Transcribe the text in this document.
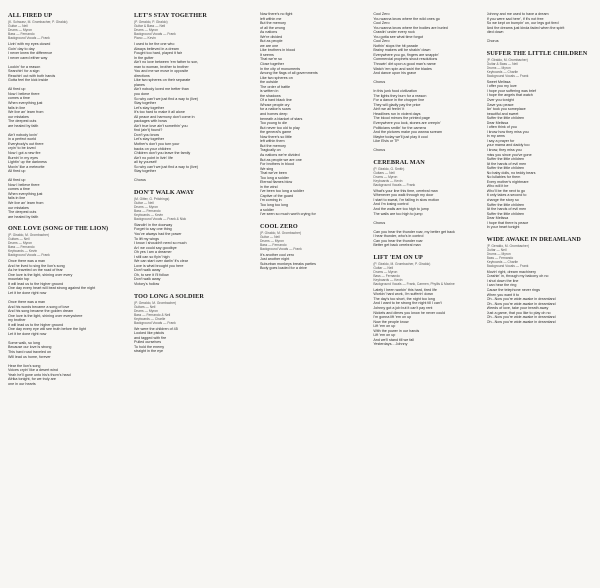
ALL FIRED UP
(K. Schwarz, M. Grombacher, P. Giraldo)
Guitar — Neil
Drums — Myron
Bass — Fernando
Background Vocals — Frank
Livin' with my eyes closed
Goin' day to day
I never knew the difference
I never cared either way
Lookin' for a reason
Searchin' for a sign
Reachin' out with both hands
Gotta feel the kick inside
All fired up
Now I believe there
comes a time
When everything just
falls in line
We live an' learn from
our mistakes
The deepest cuts
are healed by faith
Ain't nobody lovin'
in a perfect world
Everybody's out there
cryin' to be loved
Now I got a new fire
Burnin' in my eyes
Lightin' up the darkness
Movin' like a meteorite
All fired up
All fired up
Now I believe there
comes a time
When everything just
falls in line
We live an' learn from
our mistakes
The deepest cuts
are healed by faith
ONE LOVE (SONG OF THE LION)
(P. Giraldo, M. Grombacher)
Guitars — Neil
Drums — Myron
Bass — Fernando
Keyboards — Kevin
Background Vocals — Frank
Once there was a man
And he lived to sing the lion's song
As he traveled on the road of fear
One love is the light, shining over every
mountain top
It will lead us to the higher ground
One day every heart will beat strong against the night
Let it be done right now
Once there was a man
And his words became a song of love
And his song became the golden dream
One love is the light, shining over everywhere
my brother
It will lead us to the higher ground
One day every eye will see truth before the light
Let it be done right now
Some walk, so long
Because our love is strong
This hard road traveled on
Will lead us home, forever
Hear the lion's song
Voices cryin' like a desert wind
Yeah he'll gone unto his's thorn's head
Afrika tonight, for we truly are
one in our hearts
LET'S STAY TOGETHER
(P. Geraldo, P. Giraldo)
Guitar & Bass — Neil
Drums — Myron
Background Vocals — Frank
Piano — Kevin
I used to be the one who
Always believed in a dream
Fought too hard, played it fair
In the gutter
Ain't no love between 'em father to son,
man to woman, brother to brother
You and me we move in opposite
directions
Like two spheres on their separate
planes
Ain't nobody loved me better than
you done
So why can't we just find a way to (live)
Stay together
Let's stay together
It's too hard to make it all alone
All peace and harmony don't come in
packages with bows
Ain't true love ain't somethin' you
find (ain't) found?
Don't you know
Let's stay together
Mother's don't you turn your
backs on your children
Children don't you leave the family
Ain't no point in livin' life
all by yourself
So why can't we just find a way to (live)
Stay together
Chorus
DON'T WALK AWAY
(M. Gitter, G. Pritchings)
Guitar — Neil
Drums — Myron
Bass — Fernando
Keyboards — Kevin
Background Vocals — Frank & Nick
Standin' in the doorway
Forget to say one thing
You've always had the power
To lift my wings
I know I shouldn't need so much
An' we could say goodbye
Oh yes I am a dreamer
I still can so flyin' high
We can start over darlin' it's clear
Love is what brought you here
Don't walk away
Oh, to see it I'll follow
Don't walk away
Victory's hollow
TOO LONG A SOLDIER
(P. Geraldo, M. Grombacher)
Guitars — Neil
Drums — Myron
Bass — Fernando & Neil
Keyboards — Charlie
Background Vocals — Frank
We were the children of 45
Looked like pistols
and tagged with fire
Pulled ourselves
To hold the enemy
straight in the eye
Now there's no fight
left within me
But the memory
of all the wrong
As nations
We're divided
But as people
we are one
Like brothers in blood
It seems
That we're so
Close together
In the city of monuments
Among the flags of all governments
Like two spheres on
the outside
The order of battle
is written in
the shadows
Of a hard black line
Whose people cry
for a nation's scars
and homes deep
beneath a blanket of stars
Too young to die
But never too old to play
the general's game
Now there's so little
left within them
But the memory
Tragically on
As nations we're divided
But as people we are one
For brothers in blood
We sing
That we've been
Too long a soldier
Eternal flames blow
in the wind
I've been too long a soldier
Captive of the guard
I'm coming in
Too long too long
a soldier
I've seen so much worth crying for
COOL ZERO
(P. Giraldo, M. Grombacher)
Guitar — Neil
Drums — Myron
Bass — Fernando
Background Vocals — Frank
It's another cool zero
Just another night
Suburban monkeys breaks parties
Body goes loaded for a drive
Cool Zero
You wanna know where the wild ones go
Cool Zero
You wanna know where the bodies are buried
Crawlin' under every rock
You gotta see what time forgot
Cool Zero
Nothin' stops the hit parade
Brainy makers will be shakin' down
Everywhere you go, fingers are snappin'
Commercial prophets shout resolutions
Throwin' dirt upon a good man's name
Watch 'em spin and swirl the blades
And dance upon his grave
Chorus
In this junk food civilization
The lights they burn for a reason
For a dance in the chopper line
They will gladly pay the price
Ain't we all feelin' it
Headlines run in violent days
The blood mirrors the printed page
Everywhere you look, stones are creepin'
Politicians smilin' for the camera
And the pictures make you wanna scream
Maybe today we'll just play it cool
Like Elvis or TP
Chorus
CEREBRAL MAN
(P. Giraldo, G. Smith)
Guitars — Neil
Drums — Myron
Keyboards — Kevin
Background Vocals — Frank
What's your line this time, cerebral man
Whenever you walk through my door
I start to sweat, I'm falling in slow motion
And I'm losing control
And the walls are too high to jump
The walls are too high to jump
Chorus
Can you hear the thunder roar, my better get back
I hear thunder, who's in control
Can you hear the thunder roar
Better get back cerebral man
LIFT 'EM ON UP
(P. Giraldo, M. Grombacher, P. Giraldo)
Guitar — Neil
Drums — Myron
Bass — Fernando
Keyboards — Kevin
Background Vocals — Frank, Carmen, Phyllis & Maxine
Lately I been workin' this hard, tired life
Workin' hard work, I'm sufferin' down
The day's too short, the night too long
And I want to be strong the night till I can't
Johnny got a job but it can't pay rent
Nickels and dimes you know he never could
I'm gonna lift 'em on up
Now the people know
Lift 'em on up
With the power in our hands
Lift 'em on up
And we'll stand till we fall
Yesterdays... Johnny
Johnny and me used to have a dream
If you were sad here', if it's not free
So we kept on bumpin' on, our legs got tired
And the dreams just kinda faded when the spirit
died down
Chorus
SUFFER THE LITTLE CHILDREN
(P. Giraldo, M. Grombacher)
Guitar & Bass — Neil
Drums — Myron
Keyboards — Charlie
Background Vocals — Frank
Sweet Melissa
I offer you my love
I hope your suffering was brief
I hope the angels that watch
Over you tonight
Gave you peace
An' took you someplace
beautiful and sweet
Suffer the little children
Dear Melissa
I often think of you
I know how they miss you
In my arms
I say a prayer for
your mama and daddy too
I know, they miss you
miss you since you've gone
Suffer the little children
At the hands of evil men
Suffer the little children
No baby dolls, no teddy bears
No lullabies for them
Every mother's nightmare
Who will it be
Who'll be the next to go
It only takes a second to
change the story so
Suffer the little children
At the hands of evil men
Suffer the little children
Dear Melissa
I hope that there is peace
In your heart tonight
WIDE AWAKE IN DREAMLAND
(P. Geraldo, M. Grombacher)
Guitar — Neil
Drums — Myron
Bass — Fernando
Keyboards — Charlie
Background Vocals — Frank
Movin' right, dream machinery
Crashin' in, through my balcony oh no
I shut down the line
I can hear the ring
Cause the telephone never rings
When you want it to
Oh...Now you're wide awake in dreamland
Oh...Now you're wide awake in dreamland
Weeds of love, take your breath away
Just a game, that you like to play oh no
Oh...Now you're wide awake in dreamland
Oh...Now you're wide awake in dreamland
